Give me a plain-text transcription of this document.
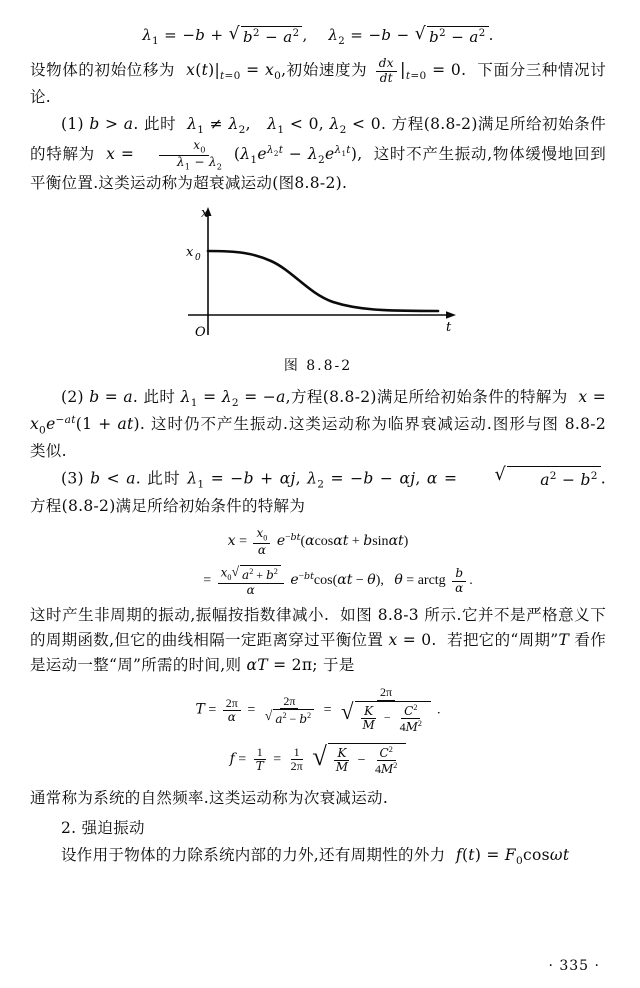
$\lambda_1 = -b$ + √ $b^2 - a^2$ ,    $\lambda_2 = -b$ − √ $b^2 - a^2$ .
设物体的初始位移为  $x(t)|_{t=0} = x_0$,初始速度为 $\frac{dx}{dt} |_{t=0} = 0$.  下面分三种情况讨论.
(1) b > a. 此时  $\lambda_1 \ne \lambda_2$,   $\lambda_1 < 0$, $\lambda_2 < 0$. 方程(8.8-2)满足所给初始条件的特解为  $x = \frac{x_0}{\lambda_1 - \lambda_2} (\lambda_1e^{\lambda_2t} - \lambda_2e^{\lambda_1t})$,  这时不产生振动,物体缓慢地回到平衡位置.这类运动称为超衰减运动(图8.8-2).
x
x 0
t
O
图 8.8-2
(2) b = a. 此时 $\lambda_1 = \lambda_2 = -a$,方程(8.8-2)满足所给初始条件的特解为  $x = x_0e^{-at}(1 + at)$. 这时仍不产生振动.这类运动称为临界衰减运动.图形与图 8.8-2 类似.
(3) b < a. 此时 $\lambda_1 = -b + \alpha j$, $\lambda_2 = -b - \alpha j$, α =	√	$a^2 - b^2$ . 方程(8.8-2)满足所给初始条件的特解为
$x = \frac{x_0}{\alpha} e^{-bt}(\alpha\cos\alpha t + bsin\alpha t)$
= $\frac{x_0 √ a^2 + b^2}{\alpha} e^{-bt}\cos(\alpha t - \theta)$,   θ = arctg $\frac{b}{\alpha}$ .
这时产生非周期的振动,振幅按指数律减小.  如图 8.8-3 所示.它并不是严格意义下的周期函数,但它的曲线相隔一定距离穿过平衡位置 x = 0.  若把它的“周期”T 看作是运动一整“周”所需的时间,则 αT = 2π; 于是
$T = \frac{2\pi}{\alpha} = \frac{2\pi}{√ a^2 - b^2} = \frac{2\pi}{√ \frac{K}{M} - \frac{C^2}{4M^2}}$ .
$f = \frac{1}{T} = \frac{1}{2\pi}$
√ $\frac{K}{M} - \frac{C^2}{4M^2}$
通常称为系统的自然频率.这类运动称为次衰减运动.
2. 强迫振动
设作用于物体的力除系统内部的力外,还有周期性的外力  $f(t) = F_0\cos\omega t$
· 335 ·
